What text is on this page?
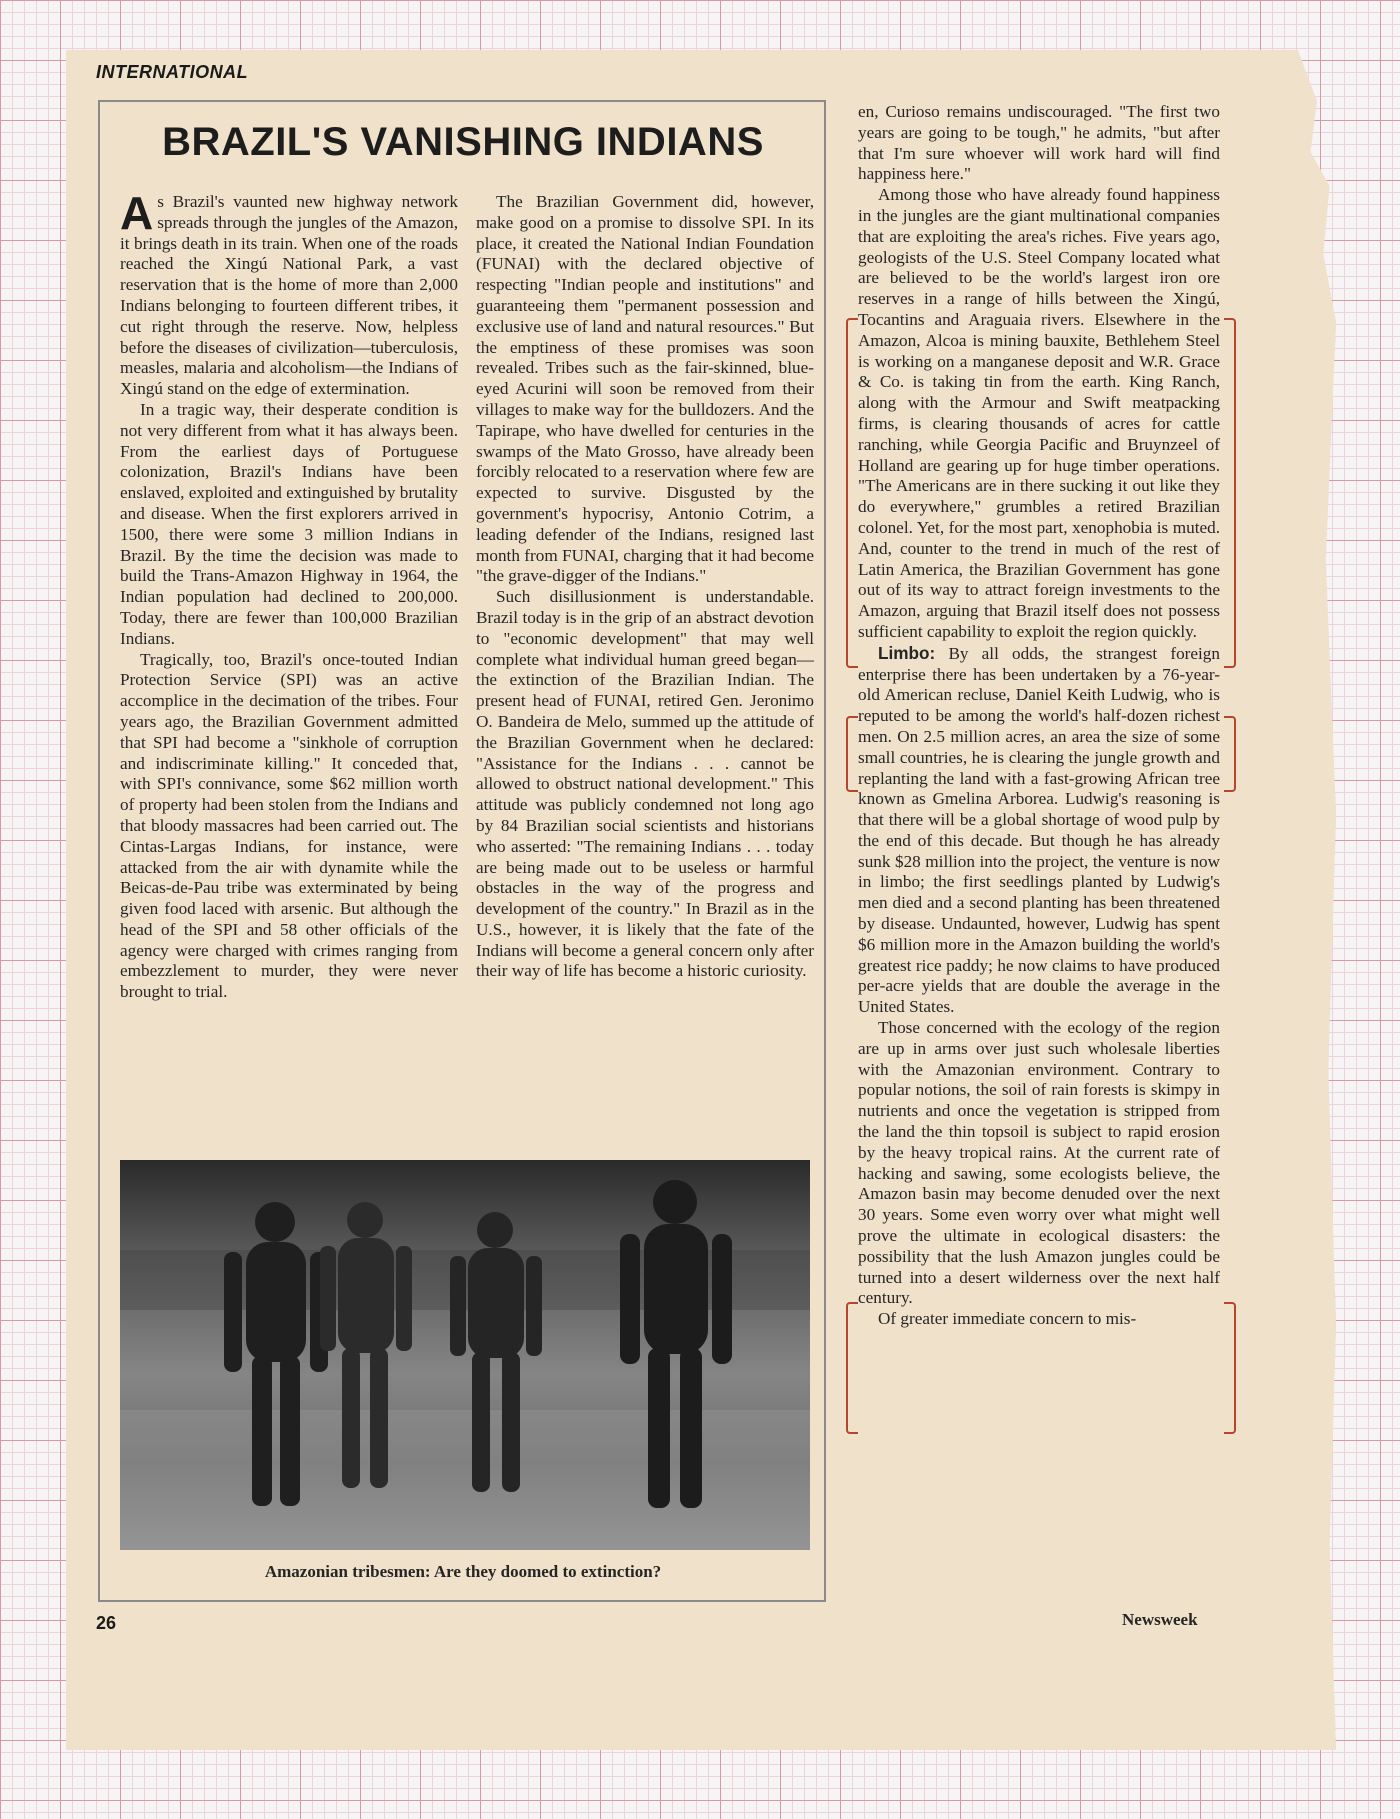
INTERNATIONAL
BRAZIL'S VANISHING INDIANS

As Brazil's vaunted new highway network spreads through the jungles of the Amazon, it brings death in its train. When one of the roads reached the Xingú National Park, a vast reservation that is the home of more than 2,000 Indians belonging to fourteen different tribes, it cut right through the reserve. Now, helpless before the diseases of civilization—tuberculosis, measles, malaria and alcoholism—the Indians of Xingú stand on the edge of extermination.

In a tragic way, their desperate condition is not very different from what it has always been. From the earliest days of Portuguese colonization, Brazil's Indians have been enslaved, exploited and extinguished by brutality and disease. When the first explorers arrived in 1500, there were some 3 million Indians in Brazil. By the time the decision was made to build the Trans-Amazon Highway in 1964, the Indian population had declined to 200,000. Today, there are fewer than 100,000 Brazilian Indians.

Tragically, too, Brazil's once-touted Indian Protection Service (SPI) was an active accomplice in the decimation of the tribes. Four years ago, the Brazilian Government admitted that SPI had become a "sinkhole of corruption and indiscriminate killing." It conceded that, with SPI's connivance, some $62 million worth of property had been stolen from the Indians and that bloody massacres had been carried out. The Cintas-Largas Indians, for instance, were attacked from the air with dynamite while the Beicas-de-Pau tribe was exterminated by being given food laced with arsenic. But although the head of the SPI and 58 other officials of the agency were charged with crimes ranging from embezzlement to murder, they were never brought to trial.

The Brazilian Government did, however, make good on a promise to dissolve SPI. In its place, it created the National Indian Foundation (FUNAI) with the declared objective of respecting "Indian people and institutions" and guaranteeing them "permanent possession and exclusive use of land and natural resources." But the emptiness of these promises was soon revealed. Tribes such as the fair-skinned, blue-eyed Acurini will soon be removed from their villages to make way for the bulldozers. And the Tapirape, who have dwelled for centuries in the swamps of the Mato Grosso, have already been forcibly relocated to a reservation where few are expected to survive. Disgusted by the government's hypocrisy, Antonio Cotrim, a leading defender of the Indians, resigned last month from FUNAI, charging that it had become "the grave-digger of the Indians."

Such disillusionment is understandable. Brazil today is in the grip of an abstract devotion to "economic development" that may well complete what individual human greed began—the extinction of the Brazilian Indian. The present head of FUNAI, retired Gen. Jeronimo O. Bandeira de Melo, summed up the attitude of the Brazilian Government when he declared: "Assistance for the Indians . . . cannot be allowed to obstruct national development." This attitude was publicly condemned not long ago by 84 Brazilian social scientists and historians who asserted: "The remaining Indians . . . today are being made out to be useless or harmful obstacles in the way of the progress and development of the country." In Brazil as in the U.S., however, it is likely that the fate of the Indians will become a general concern only after their way of life has become a historic curiosity.

Amazonian tribesmen: Are they doomed to extinction?

en, Curioso remains undiscouraged. "The first two years are going to be tough," he admits, "but after that I'm sure whoever will work hard will find happiness here."

Among those who have already found happiness in the jungles are the giant multinational companies that are exploiting the area's riches. Five years ago, geologists of the U.S. Steel Company located what are believed to be the world's largest iron ore reserves in a range of hills between the Xingú, Tocantins and Araguaia rivers. Elsewhere in the Amazon, Alcoa is mining bauxite, Bethlehem Steel is working on a manganese deposit and W.R. Grace & Co. is taking tin from the earth. King Ranch, along with the Armour and Swift meatpacking firms, is clearing thousands of acres for cattle ranching, while Georgia Pacific and Bruynzeel of Holland are gearing up for huge timber operations. "The Americans are in there sucking it out like they do everywhere," grumbles a retired Brazilian colonel. Yet, for the most part, xenophobia is muted. And, counter to the trend in much of the rest of Latin America, the Brazilian Government has gone out of its way to attract foreign investments to the Amazon, arguing that Brazil itself does not possess sufficient capability to exploit the region quickly.

Limbo: By all odds, the strangest foreign enterprise there has been undertaken by a 76-year-old American recluse, Daniel Keith Ludwig, who is reputed to be among the world's half-dozen richest men. On 2.5 million acres, an area the size of some small countries, he is clearing the jungle growth and replanting the land with a fast-growing African tree known as Gmelina Arborea. Ludwig's reasoning is that there will be a global shortage of wood pulp by the end of this decade. But though he has already sunk $28 million into the project, the venture is now in limbo; the first seedlings planted by Ludwig's men died and a second planting has been threatened by disease. Undaunted, however, Ludwig has spent $6 million more in the Amazon building the world's greatest rice paddy; he now claims to have produced per-acre yields that are double the average in the United States.

Those concerned with the ecology of the region are up in arms over just such wholesale liberties with the Amazonian environment. Contrary to popular notions, the soil of rain forests is skimpy in nutrients and once the vegetation is stripped from the land the thin topsoil is subject to rapid erosion by the heavy tropical rains. At the current rate of hacking and sawing, some ecologists believe, the Amazon basin may become denuded over the next 30 years. Some even worry over what might well prove the ultimate in ecological disasters: the possibility that the lush Amazon jungles could be turned into a desert wilderness over the next half century.

Of greater immediate concern to mis-

26	Newsweek
